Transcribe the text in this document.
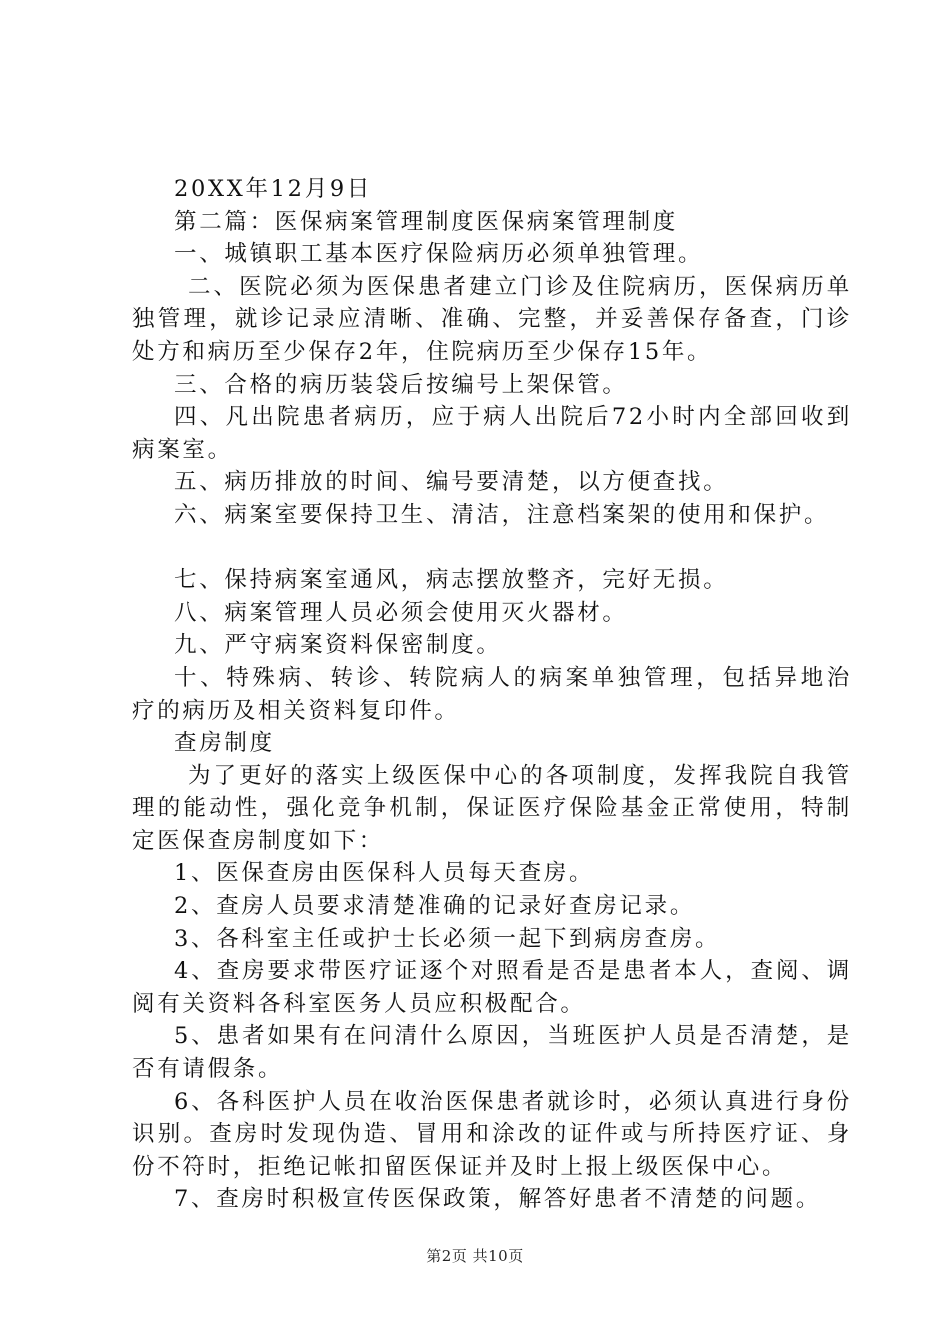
20XX年12月9日

第二篇：医保病案管理制度医保病案管理制度

一、城镇职工基本医疗保险病历必须单独管理。

二、医院必须为医保患者建立门诊及住院病历，医保病历单独管理，就诊记录应清晰、准确、完整，并妥善保存备查，门诊处方和病历至少保存2年，住院病历至少保存15年。

三、合格的病历装袋后按编号上架保管。

四、凡出院患者病历，应于病人出院后72小时内全部回收到病案室。

五、病历排放的时间、编号要清楚，以方便查找。

六、病案室要保持卫生、清洁，注意档案架的使用和保护。

七、保持病案室通风，病志摆放整齐，完好无损。

八、病案管理人员必须会使用灭火器材。

九、严守病案资料保密制度。

十、特殊病、转诊、转院病人的病案单独管理，包括异地治疗的病历及相关资料复印件。

查房制度

为了更好的落实上级医保中心的各项制度，发挥我院自我管理的能动性，强化竞争机制，保证医疗保险基金正常使用，特制定医保查房制度如下：

1、医保查房由医保科人员每天查房。

2、查房人员要求清楚准确的记录好查房记录。

3、各科室主任或护士长必须一起下到病房查房。

4、查房要求带医疗证逐个对照看是否是患者本人，查阅、调阅有关资料各科室医务人员应积极配合。

5、患者如果有在问清什么原因，当班医护人员是否清楚，是否有请假条。

6、各科医护人员在收治医保患者就诊时，必须认真进行身份识别。查房时发现伪造、冒用和涂改的证件或与所持医疗证、身份不符时，拒绝记帐扣留医保证并及时上报上级医保中心。

7、查房时积极宣传医保政策，解答好患者不清楚的问题。

第2页 共10页
